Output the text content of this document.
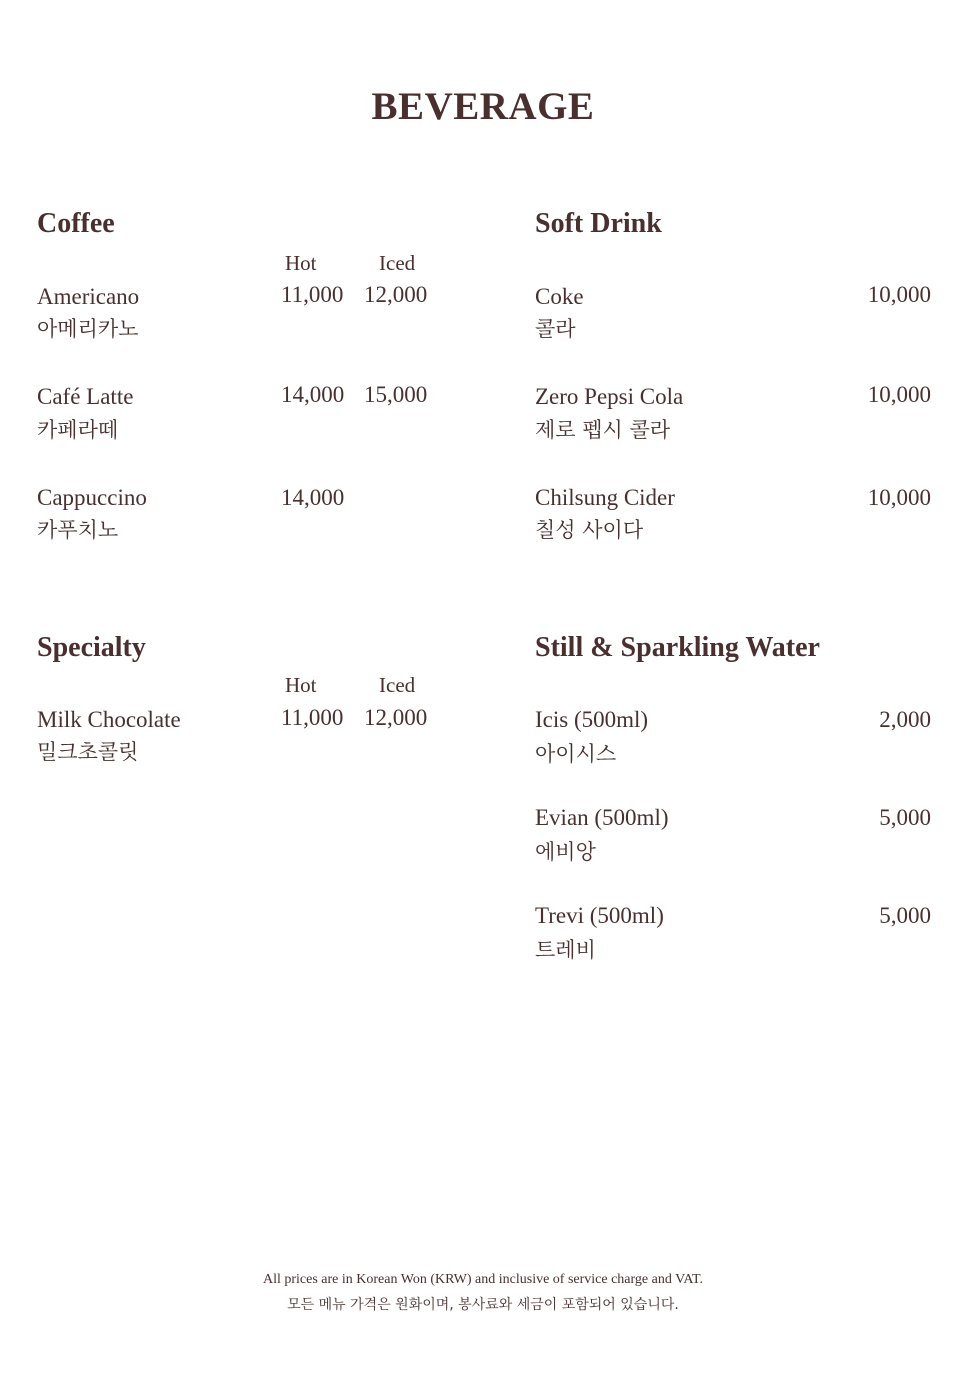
BEVERAGE
Coffee
Hot	Iced
Americano
아메리카노
11,000 12,000
Café Latte
카페라떼
14,000 15,000
Cappuccino
카푸치노
14,000
Soft Drink
Coke
콜라
10,000
Zero Pepsi Cola
제로 펩시 콜라
10,000
Chilsung Cider
칠성 사이다
10,000
Specialty
Hot	Iced
Milk Chocolate
밀크초콜릿
11,000 12,000
Still & Sparkling Water
Icis (500ml)
아이시스
2,000
Evian (500ml)
에비앙
5,000
Trevi (500ml)
트레비
5,000
All prices are in Korean Won (KRW) and inclusive of service charge and VAT.
모든 메뉴 가격은 원화이며, 봉사료와 세금이 포함되어 있습니다.
